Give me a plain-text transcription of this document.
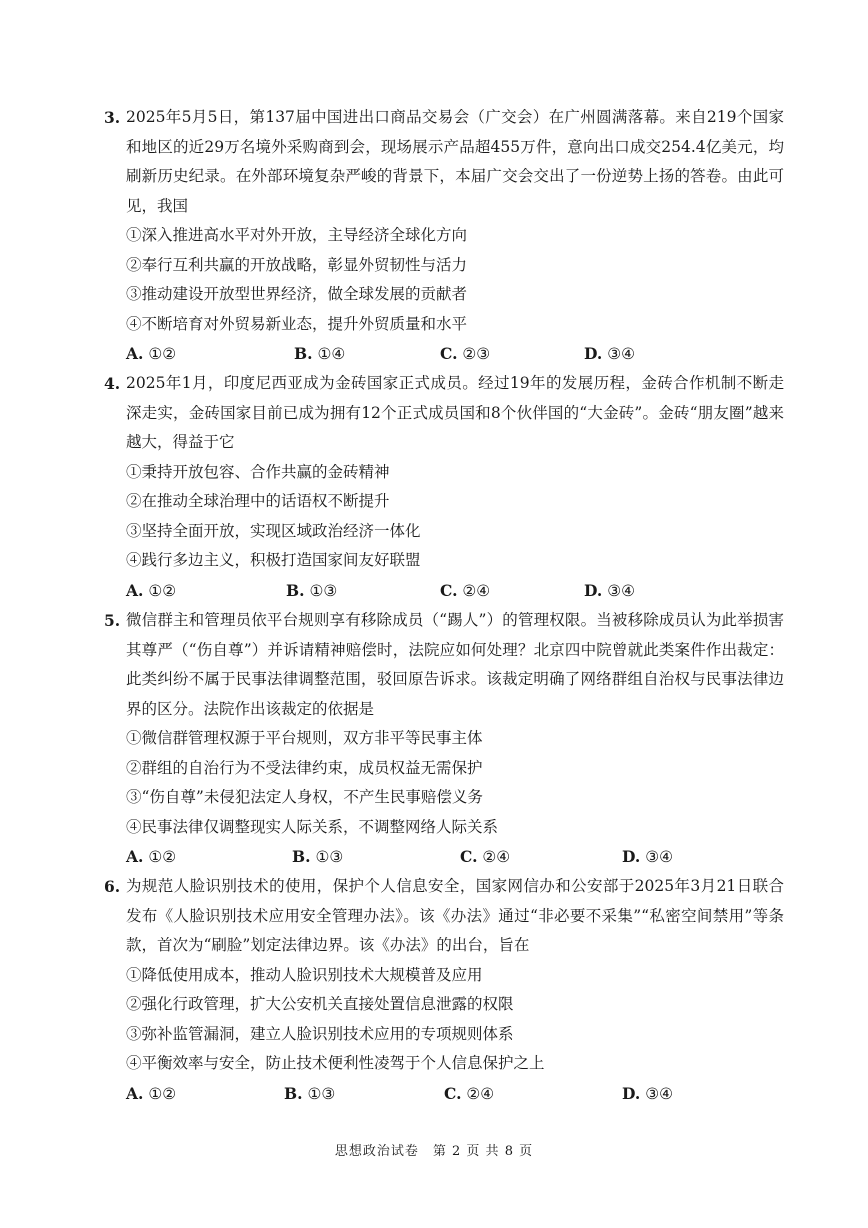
3. 2025年5月5日，第137届中国进出口商品交易会（广交会）在广州圆满落幕。来自219个国家和地区的近29万名境外采购商到会，现场展示产品超455万件，意向出口成交254.4亿美元，均刷新历史纪录。在外部环境复杂严峻的背景下，本届广交会交出了一份逆势上扬的答卷。由此可见，我国
①深入推进高水平对外开放，主导经济全球化方向
②奉行互利共赢的开放战略，彰显外贸韧性与活力
③推动建设开放型世界经济，做全球发展的贡献者
④不断培育对外贸易新业态，提升外贸质量和水平
A. ①②	B. ①④	C. ②③	D. ③④
4. 2025年1月，印度尼西亚成为金砖国家正式成员。经过19年的发展历程，金砖合作机制不断走深走实，金砖国家目前已成为拥有12个正式成员国和8个伙伴国的“大金砖”。金砖“朋友圈”越来越大，得益于它
①秉持开放包容、合作共赢的金砖精神
②在推动全球治理中的话语权不断提升
③坚持全面开放，实现区域政治经济一体化
④践行多边主义，积极打造国家间友好联盟
A. ①②	B. ①③	C. ②④	D. ③④
5. 微信群主和管理员依平台规则享有移除成员（“踢人”）的管理权限。当被移除成员认为此举损害其尊严（“伤自尊”）并诉请精神赔偿时，法院应如何处理？北京四中院曾就此类案件作出裁定：此类纠纷不属于民事法律调整范围，驳回原告诉求。该裁定明确了网络群组自治权与民事法律边界的区分。法院作出该裁定的依据是
①微信群管理权源于平台规则，双方非平等民事主体
②群组的自治行为不受法律约束，成员权益无需保护
③“伤自尊”未侵犯法定人身权，不产生民事赔偿义务
④民事法律仅调整现实人际关系，不调整网络人际关系
A. ①②	B. ①③	C. ②④	D. ③④
6. 为规范人脸识别技术的使用，保护个人信息安全，国家网信办和公安部于2025年3月21日联合发布《人脸识别技术应用安全管理办法》。该《办法》通过“非必要不采集”“私密空间禁用”等条款，首次为“刷脸”划定法律边界。该《办法》的出台，旨在
①降低使用成本，推动人脸识别技术大规模普及应用
②强化行政管理，扩大公安机关直接处置信息泄露的权限
③弥补监管漏洞，建立人脸识别技术应用的专项规则体系
④平衡效率与安全，防止技术便利性凌驾于个人信息保护之上
A. ①②	B. ①③	C. ②④	D. ③④
思想政治试卷　第 2 页 共 8 页
